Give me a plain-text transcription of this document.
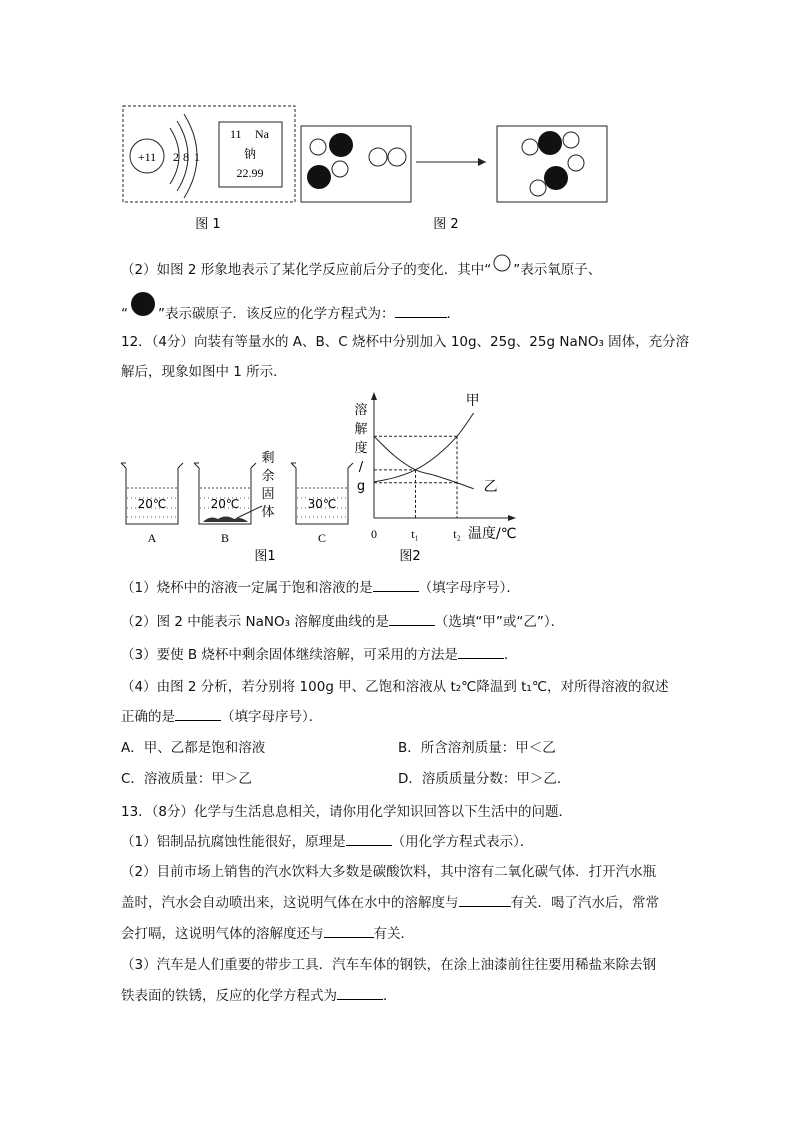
+11 2 8 1
11 Na
钠
22.99
图 1	图 2
（2）如图 2 形象地表示了某化学反应前后分子的变化．其中“ ”表示氧原子、
“ ”表示碳原子．该反应的化学方程式为：	．
12．（4分）向装有等量水的 A、B、C 烧杯中分别加入 10g、25g、25g NaNO₃ 固体，充分溶
解后，现象如图中 1 所示．
20℃
A
20℃
B
剩
余
固
体
30℃
C
图1
温度/℃
0	t₁	t₂
溶
解
度
/
g
甲
乙
图2
（1）烧杯中的溶液一定属于饱和溶液的是	（填字母序号）．
（2）图 2 中能表示 NaNO₃ 溶解度曲线的是	（选填“甲”或“乙”）．
（3）要使 B 烧杯中剩余固体继续溶解，可采用的方法是	．
（4）由图 2 分析，若分别将 100g 甲、乙饱和溶液从 t₂℃降温到 t₁℃，对所得溶液的叙述
正确的是	（填字母序号）．
A．甲、乙都是饱和溶液	B．所含溶剂质量：甲＜乙
C．溶液质量：甲＞乙	D．溶质质量分数：甲＞乙．
13．（8分）化学与生活息息相关，请你用化学知识回答以下生活中的问题．
（1）铝制品抗腐蚀性能很好，原理是	（用化学方程式表示）．
（2）目前市场上销售的汽水饮料大多数是碳酸饮料，其中溶有二氧化碳气体．打开汽水瓶
盖时，汽水会自动喷出来，这说明气体在水中的溶解度与	有关．喝了汽水后，常常
会打嗝，这说明气体的溶解度还与	有关．
（3）汽车是人们重要的带步工具．汽车车体的钢铁，在涂上油漆前往往要用稀盐来除去钢
铁表面的铁锈，反应的化学方程式为	．
